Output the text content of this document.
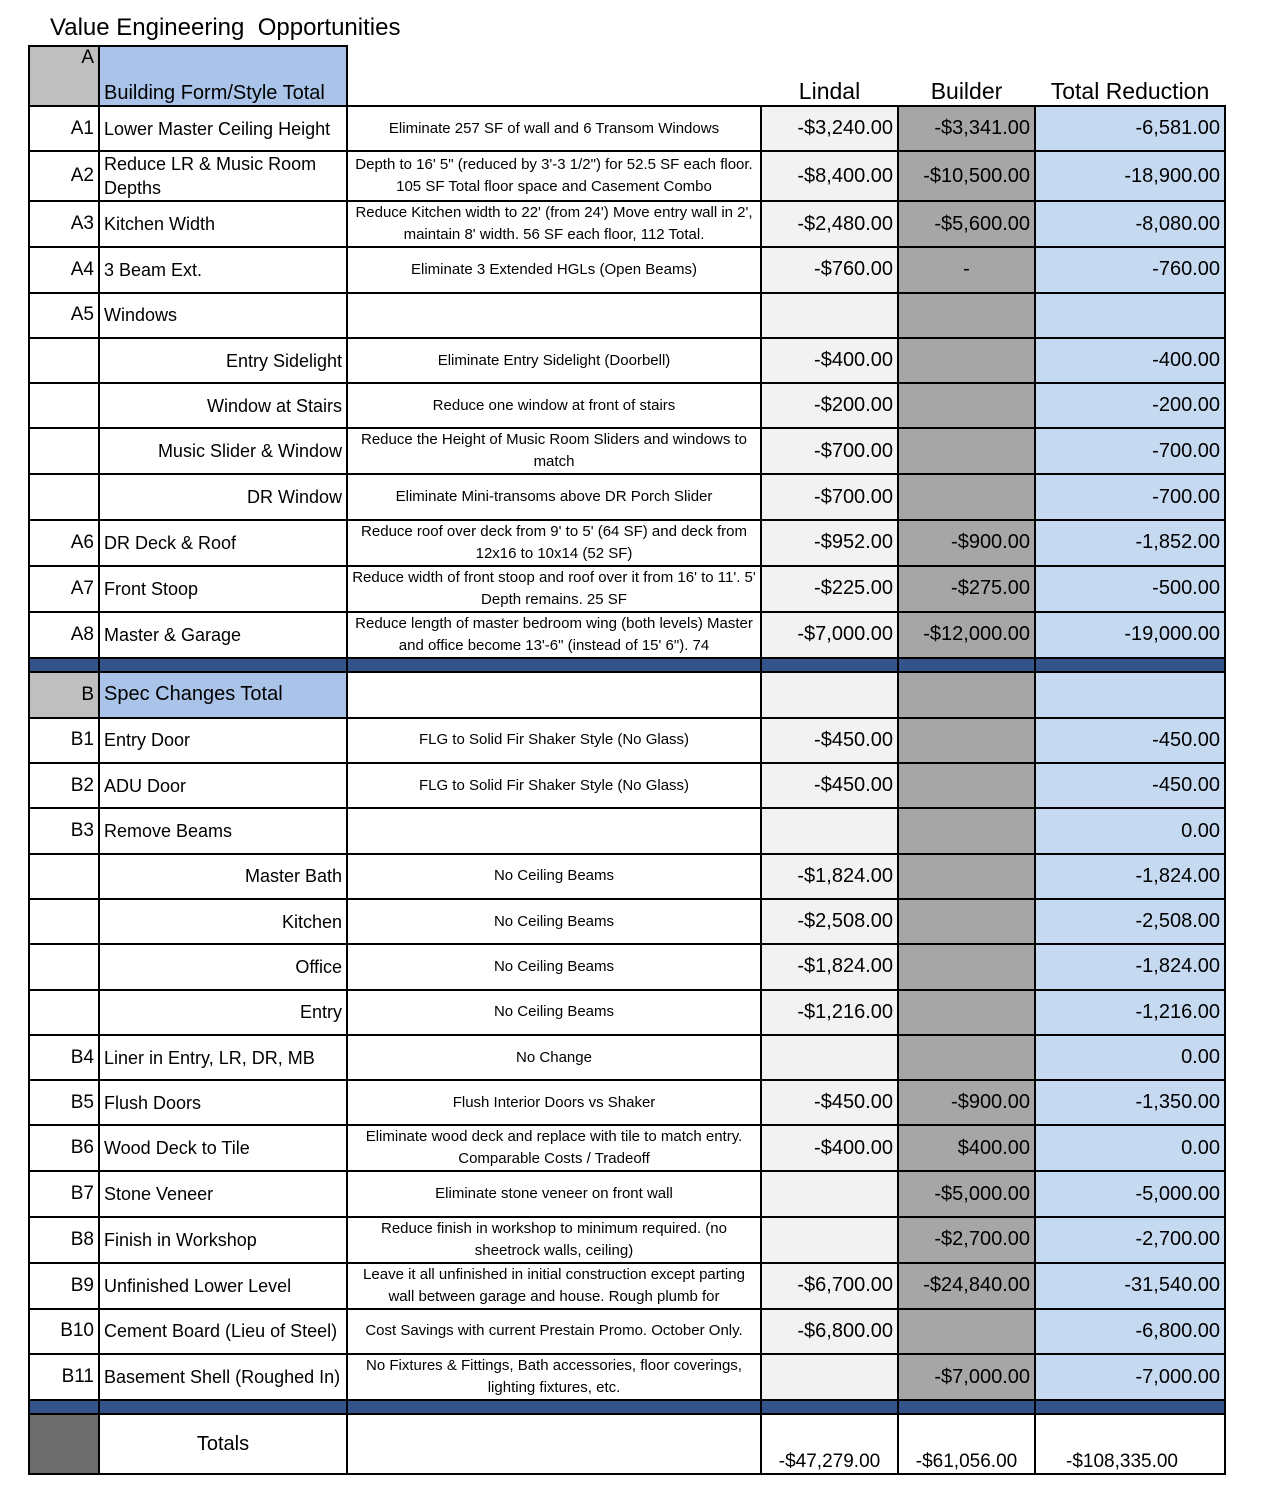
Value Engineering  Opportunities
A	Building Form/Style Total		Lindal	Builder	Total Reduction
A1	Lower Master Ceiling Height	Eliminate 257 SF of wall and 6 Transom Windows	-$3,240.00	-$3,341.00	-6,581.00
A2	Reduce LR & Music Room Depths	Depth to 16' 5" (reduced by 3'-3 1/2") for 52.5 SF each floor. 105 SF Total floor space and Casement Combo	-$8,400.00	-$10,500.00	-18,900.00
A3	Kitchen Width	Reduce Kitchen width to 22' (from 24') Move entry wall in 2', maintain 8' width. 56 SF each floor, 112 Total.	-$2,480.00	-$5,600.00	-8,080.00
A4	3 Beam Ext.	Eliminate 3 Extended HGLs (Open Beams)	-$760.00	-	-760.00
A5	Windows				
	Entry Sidelight	Eliminate Entry Sidelight (Doorbell)	-$400.00		-400.00
	Window at Stairs	Reduce one window at front of stairs	-$200.00		-200.00
	Music Slider & Window	Reduce the Height of Music Room Sliders and windows to match	-$700.00		-700.00
	DR Window	Eliminate Mini-transoms above DR Porch Slider	-$700.00		-700.00
A6	DR Deck & Roof	Reduce roof over deck from 9' to 5' (64 SF) and deck from 12x16 to 10x14 (52 SF)	-$952.00	-$900.00	-1,852.00
A7	Front Stoop	Reduce width of front stoop and roof over it from 16' to 11'. 5' Depth remains. 25 SF	-$225.00	-$275.00	-500.00
A8	Master & Garage	Reduce length of master bedroom wing (both levels) Master and office become 13'-6" (instead of 15' 6"). 74	-$7,000.00	-$12,000.00	-19,000.00

B	Spec Changes Total				
B1	Entry Door	FLG to Solid Fir Shaker Style (No Glass)	-$450.00		-450.00
B2	ADU Door	FLG to Solid Fir Shaker Style (No Glass)	-$450.00		-450.00
B3	Remove Beams				0.00
	Master Bath	No Ceiling Beams	-$1,824.00		-1,824.00
	Kitchen	No Ceiling Beams	-$2,508.00		-2,508.00
	Office	No Ceiling Beams	-$1,824.00		-1,824.00
	Entry	No Ceiling Beams	-$1,216.00		-1,216.00
B4	Liner in Entry, LR, DR, MB	No Change			0.00
B5	Flush Doors	Flush Interior Doors vs Shaker	-$450.00	-$900.00	-1,350.00
B6	Wood Deck to Tile	Eliminate wood deck and replace with tile to match entry. Comparable Costs / Tradeoff	-$400.00	$400.00	0.00
B7	Stone Veneer	Eliminate stone veneer on front wall		-$5,000.00	-5,000.00
B8	Finish in Workshop	Reduce finish in workshop to minimum required. (no sheetrock walls, ceiling)		-$2,700.00	-2,700.00
B9	Unfinished Lower Level	Leave it all unfinished in initial construction except parting wall between garage and house. Rough plumb for	-$6,700.00	-$24,840.00	-31,540.00
B10	Cement Board (Lieu of Steel)	Cost Savings with current Prestain Promo. October Only.	-$6,800.00		-6,800.00
B11	Basement Shell (Roughed In)	No Fixtures & Fittings, Bath accessories, floor coverings, lighting fixtures, etc.		-$7,000.00	-7,000.00

	Totals		-$47,279.00	-$61,056.00	-$108,335.00
